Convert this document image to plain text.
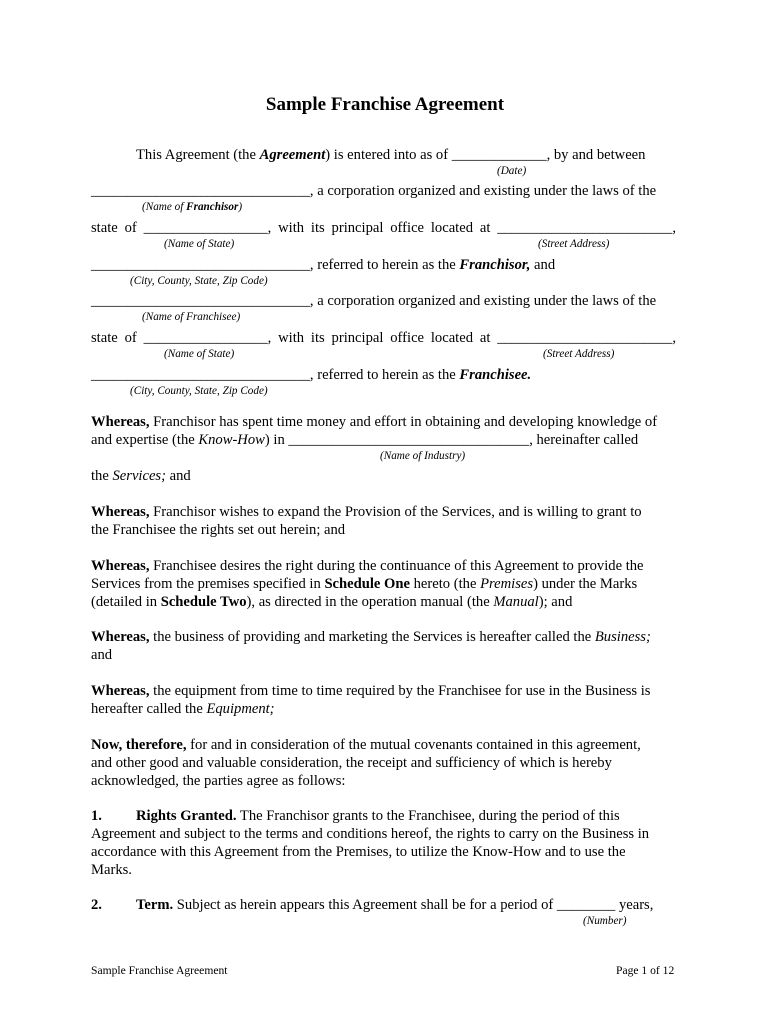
Sample Franchise Agreement
This Agreement (the Agreement) is entered into as of _____________, by and between
(Date)
______________________________, a corporation organized and existing under the laws of the
(Name of Franchisor)
state of _________________, with its principal office located at ________________________,
(Name of State)	(Street Address)
______________________________, referred to herein as the Franchisor, and
(City, County, State, Zip Code)
______________________________, a corporation organized and existing under the laws of the
(Name of Franchisee)
state of _________________, with its principal office located at ________________________,
(Name of State)	(Street Address)
______________________________, referred to herein as the Franchisee.
(City, County, State, Zip Code)
Whereas, Franchisor has spent time money and effort in obtaining and developing knowledge of
and expertise (the Know-How) in _________________________________, hereinafter called
(Name of Industry)
the Services; and
Whereas, Franchisor wishes to expand the Provision of the Services, and is willing to grant to
the Franchisee the rights set out herein; and
Whereas, Franchisee desires the right during the continuance of this Agreement to provide the
Services from the premises specified in Schedule One hereto (the Premises) under the Marks
(detailed in Schedule Two), as directed in the operation manual (the Manual); and
Whereas, the business of providing and marketing the Services is hereafter called the Business;
and
Whereas, the equipment from time to time required by the Franchisee for use in the Business is
hereafter called the Equipment;
Now, therefore, for and in consideration of the mutual covenants contained in this agreement,
and other good and valuable consideration, the receipt and sufficiency of which is hereby
acknowledged, the parties agree as follows:
1. Rights Granted. The Franchisor grants to the Franchisee, during the period of this
Agreement and subject to the terms and conditions hereof, the rights to carry on the Business in
accordance with this Agreement from the Premises, to utilize the Know-How and to use the
Marks.
2. Term. Subject as herein appears this Agreement shall be for a period of ________ years,
(Number)
Sample Franchise Agreement	Page 1 of 12
